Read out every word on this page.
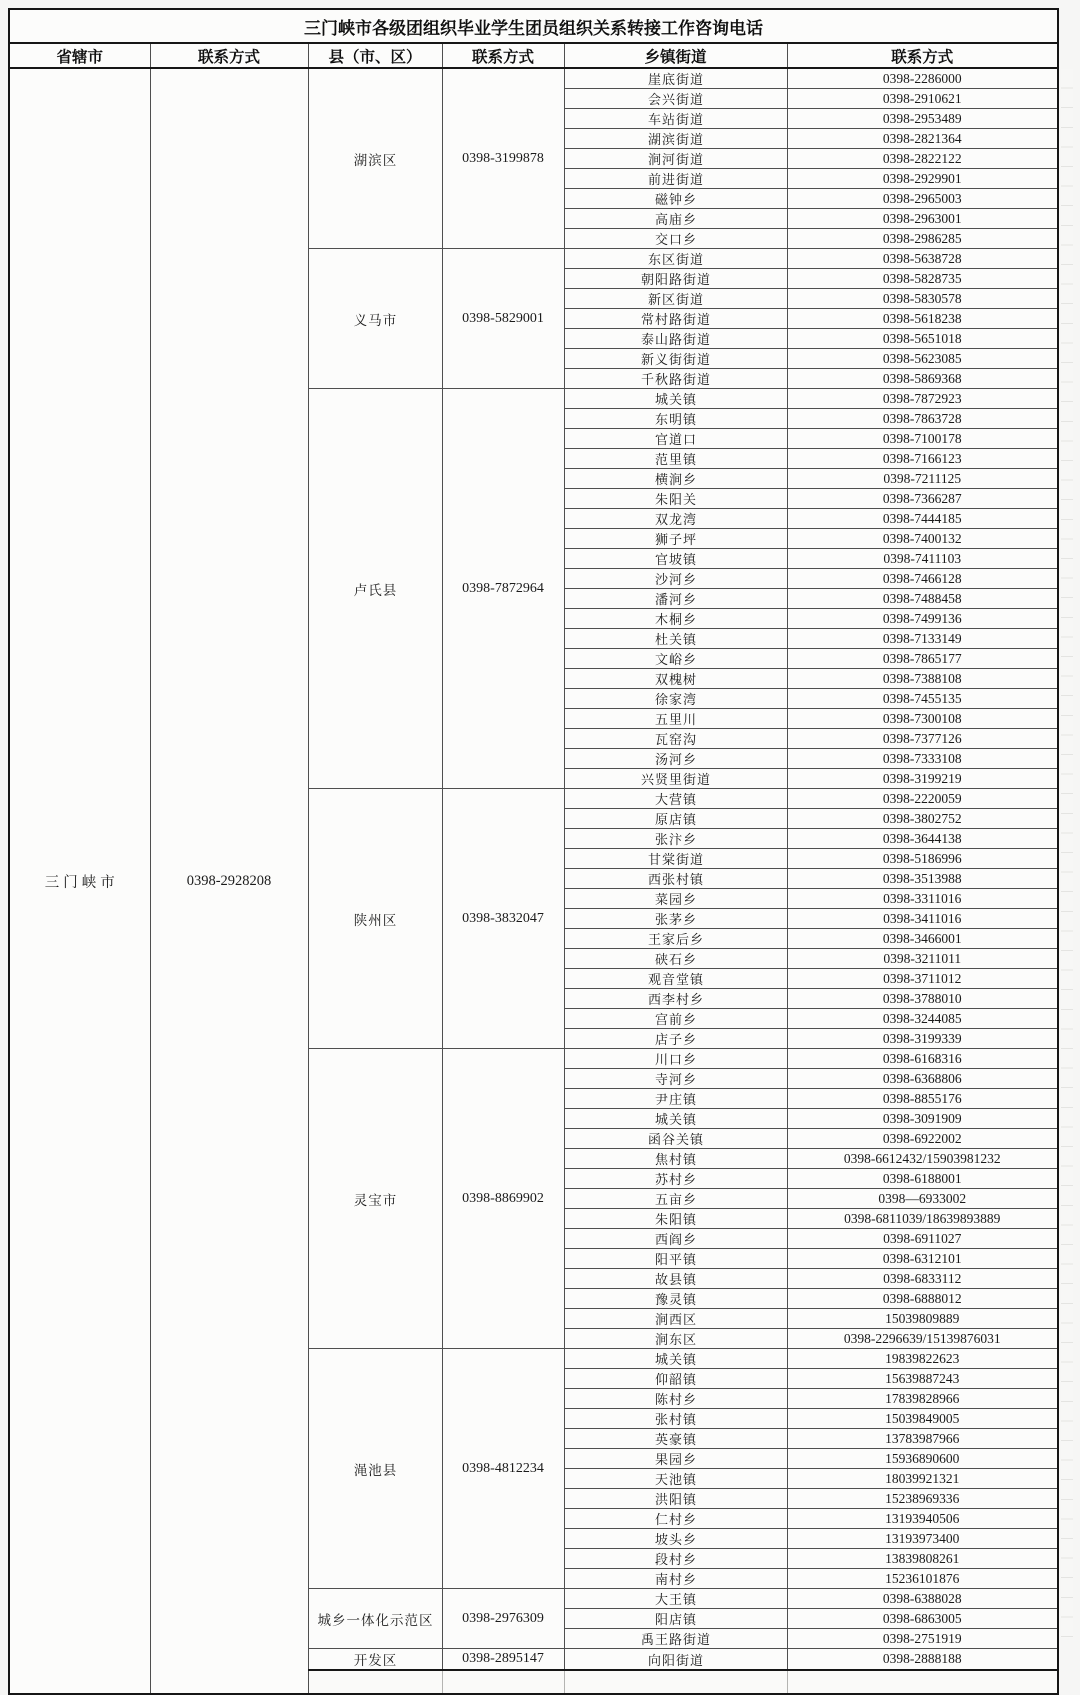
三门峡市各级团组织毕业学生团员组织关系转接工作咨询电话					
省辖市	联系方式	县（市、区）	联系方式	乡镇街道	联系方式
三门峡市	0398-2928208	湖滨区	0398-3199878	崖底街道	0398-2286000
				会兴街道	0398-2910621
				车站街道	0398-2953489
				湖滨街道	0398-2821364
				涧河街道	0398-2822122
				前进街道	0398-2929901
				磁钟乡	0398-2965003
				高庙乡	0398-2963001
				交口乡	0398-2986285
		义马市	0398-5829001	东区街道	0398-5638728
				朝阳路街道	0398-5828735
				新区街道	0398-5830578
				常村路街道	0398-5618238
				泰山路街道	0398-5651018
				新义街街道	0398-5623085
				千秋路街道	0398-5869368
		卢氏县	0398-7872964	城关镇	0398-7872923
				东明镇	0398-7863728
				官道口	0398-7100178
				范里镇	0398-7166123
				横涧乡	0398-7211125
				朱阳关	0398-7366287
				双龙湾	0398-7444185
				狮子坪	0398-7400132
				官坡镇	0398-7411103
				沙河乡	0398-7466128
				潘河乡	0398-7488458
				木桐乡	0398-7499136
				杜关镇	0398-7133149
				文峪乡	0398-7865177
				双槐树	0398-7388108
				徐家湾	0398-7455135
				五里川	0398-7300108
				瓦窑沟	0398-7377126
				汤河乡	0398-7333108
				兴贤里街道	0398-3199219
		陕州区	0398-3832047	大营镇	0398-2220059
				原店镇	0398-3802752
				张汴乡	0398-3644138
				甘棠街道	0398-5186996
				西张村镇	0398-3513988
				菜园乡	0398-3311016
				张茅乡	0398-3411016
				王家后乡	0398-3466001
				硖石乡	0398-3211011
				观音堂镇	0398-3711012
				西李村乡	0398-3788010
				宫前乡	0398-3244085
				店子乡	0398-3199339
		灵宝市	0398-8869902	川口乡	0398-6168316
				寺河乡	0398-6368806
				尹庄镇	0398-8855176
				城关镇	0398-3091909
				函谷关镇	0398-6922002
				焦村镇	0398-6612432/15903981232
				苏村乡	0398-6188001
				五亩乡	0398—6933002
				朱阳镇	0398-6811039/18639893889
				西阎乡	0398-6911027
				阳平镇	0398-6312101
				故县镇	0398-6833112
				豫灵镇	0398-6888012
				涧西区	15039809889
				涧东区	0398-2296639/15139876031
		渑池县	0398-4812234	城关镇	19839822623
				仰韶镇	15639887243
				陈村乡	17839828966
				张村镇	15039849005
				英豪镇	13783987966
				果园乡	15936890600
				天池镇	18039921321
				洪阳镇	15238969336
				仁村乡	13193940506
				坡头乡	13193973400
				段村乡	13839808261
				南村乡	15236101876
		城乡一体化示范区	0398-2976309	大王镇	0398-6388028
				阳店镇	0398-6863005
				禹王路街道	0398-2751919
		开发区	0398-2895147	向阳街道	0398-2888188
